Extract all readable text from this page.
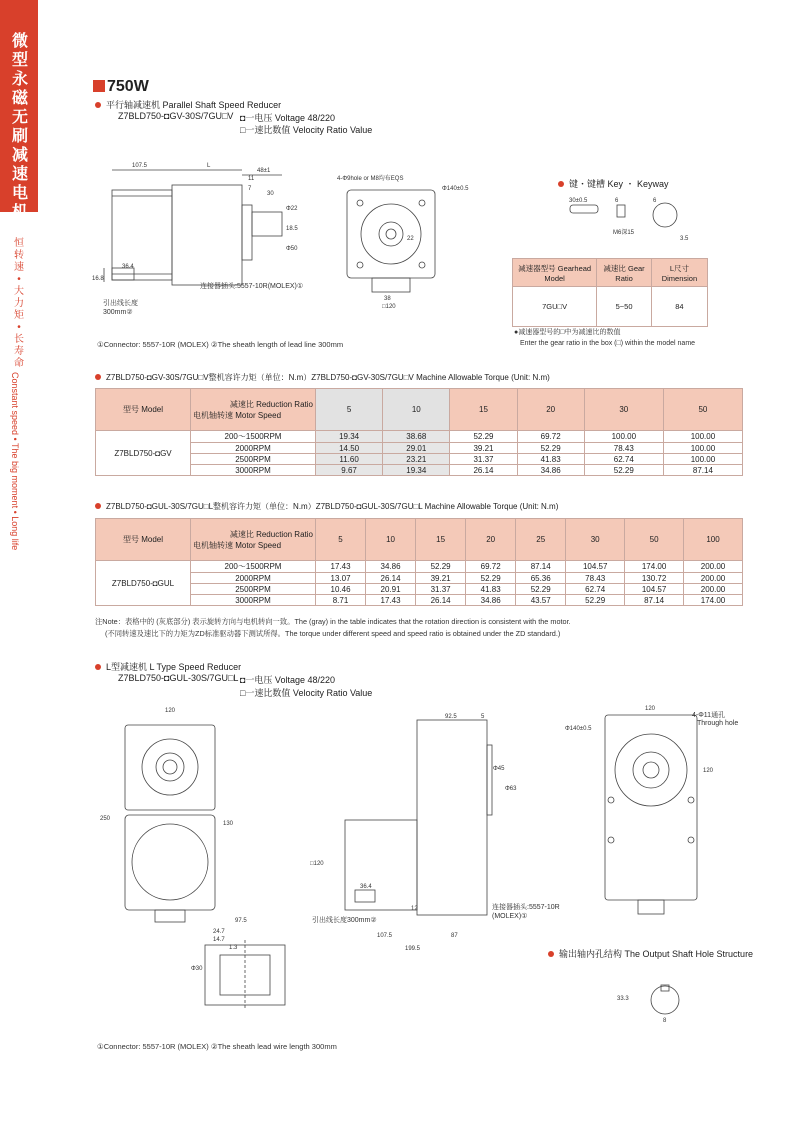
微型永磁无刷减速电机
恒转速
•
大力矩
•
长寿命
Constant speed • The big moment • Long life
750W
平行轴减速机 Parallel Shaft Speed Reducer
Z7BLD750-◘GV-30S/7GU□V ◘一电压 Voltage 48/220
□一速比数值 Velocity Ratio Value
107.5	L
48±1
30
11
7
Φ22
18.5
Φ50
16.8
36.4
4-Φ9hole or M8均布EQS
Φ140±0.5
22
38
□120
连接器插头:5557-10R(MOLEX)①
引出线长度
300mm②
①Connector: 5557-10R (MOLEX) ②The sheath length of lead line 300mm
键・键槽 Key ・ Keyway
30±0.5	6	6
M6深15
3.5
减速器型号 Gearhead Model	减速比 Gear Ratio	L尺寸 Dimension
7GU□V	5~50	84
●减速器型号的□中为减速比的数值
Enter the gear ratio in the box (□) within the model name
Z7BLD750-◘GV-30S/7GU□V整机容许力矩（单位：N.m）Z7BLD750-◘GV-30S/7GU□V Machine Allowable Torque (Unit: N.m)
型号 Model	减速比 Reduction Ratio
电机轴转速 Motor Speed	5	10	15	20	30	50
Z7BLD750-◘GV	200～1500RPM	19.34	38.68	52.29	69.72	100.00	100.00
	2000RPM	14.50	29.01	39.21	52.29	78.43	100.00
	2500RPM	11.60	23.21	31.37	41.83	62.74	100.00
	3000RPM	9.67	19.34	26.14	34.86	52.29	87.14
Z7BLD750-◘GUL-30S/7GU□L整机容许力矩（单位：N.m）Z7BLD750-◘GUL-30S/7GU□L Machine Allowable Torque (Unit: N.m)
型号 Model	减速比 Reduction Ratio
电机轴转速 Motor Speed	5	10	15	20	25	30	50	100
Z7BLD750-◘GUL	200～1500RPM	17.43	34.86	52.29	69.72	87.14	104.57	174.00	200.00
	2000RPM	13.07	26.14	39.21	52.29	65.36	78.43	130.72	200.00
	2500RPM	10.46	20.91	31.37	41.83	52.29	62.74	104.57	200.00
	3000RPM	8.71	17.43	26.14	34.86	43.57	52.29	87.14	174.00
注Note：表格中的 (灰底部分) 表示旋转方向与电机转向一致。The (gray) in the table indicates that the rotation direction is consistent with the motor.
(不同转速及速比下的力矩为ZD标准驱动器下测试所得。The torque under different speed and speed ratio is obtained under the ZD standard.)
L型减速机 L Type Speed Reducer
Z7BLD750-◘GUL-30S/7GU□L ◘一电压 Voltage 48/220
□一速比数值 Velocity Ratio Value
120
250
130
92.5	5
Φ45
Φ63
□120
36.4
12
107.5	87
199.5
120
Φ140±0.5
120
97.5
24.7
14.7
1.3
Φ30
33.3
8
4-Φ11通孔
Through hole
连接器插头:5557-10R
(MOLEX)①
引出线长度300mm②
输出轴内孔结构 The Output Shaft Hole Structure
①Connector: 5557-10R (MOLEX) ②The sheath lead wire length 300mm
